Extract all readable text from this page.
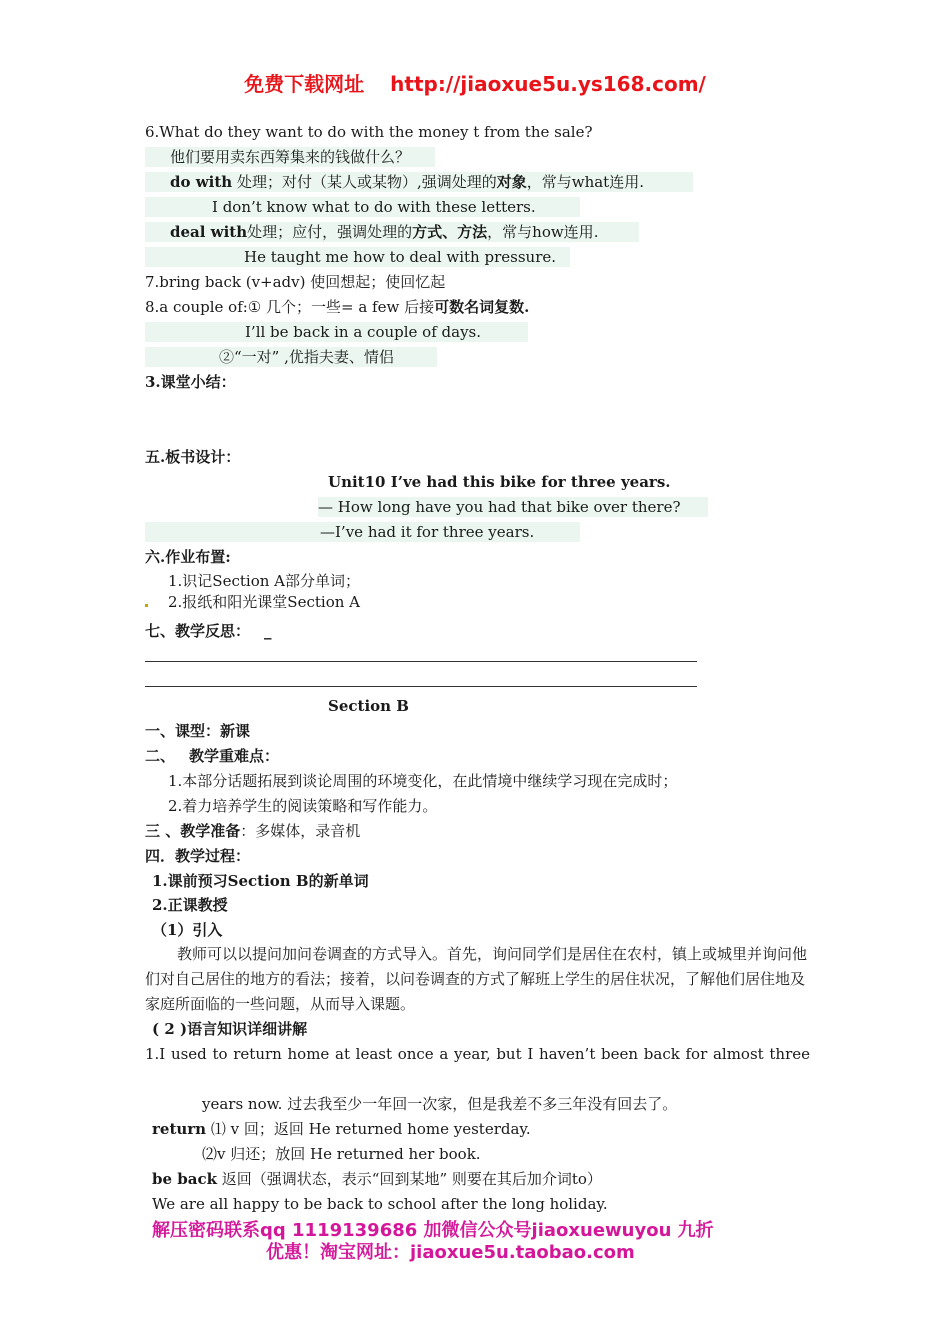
免费下载网址 http://jiaoxue5u.ys168.com/
6.What do they want to do with the money t from the sale?
他们要用卖东西筹集来的钱做什么？
do with 处理；对付（某人或某物）,强调处理的对象，常与what连用.
I don’t know what to do with these letters.
deal with处理；应付，强调处理的方式、方法，常与how连用.
He taught me how to deal with pressure.
7.bring back (v+adv) 使回想起；使回忆起
8.a couple of:① 几个；一些= a few 后接可数名词复数.
I’ll be back in a couple of days.
②“一对” ,优指夫妻、情侣
3.课堂小结：
五.板书设计：
Unit10 I’ve had this bike for three years.
— How long have you had that bike over there?
—I’ve had it for three years.
六.作业布置:
1.识记Section A部分单词；
2.报纸和阳光课堂Section A
七、教学反思： _
Section B
一、课型：新课
二、 教学重难点：
1.本部分话题拓展到谈论周围的环境变化，在此情境中继续学习现在完成时；
2.着力培养学生的阅读策略和写作能力。
三 、教学准备：多媒体，录音机
四．教学过程：
1.课前预习Section B的新单词
2.正课教授
（1）引入
教师可以以提问加问卷调查的方式导入。首先，询问同学们是居住在农村，镇上或城里并询问他们对自己居住的地方的看法；接着，以问卷调查的方式了解班上学生的居住状况，了解他们居住地及家庭所面临的一些问题，从而导入课题。
( 2 )语言知识详细讲解
1.I used to return home at least once a year, but I haven’t been back for almost three
years now. 过去我至少一年回一次家，但是我差不多三年没有回去了。
return ⑴ v 回；返回 He returned home yesterday.
⑵v 归还；放回 He returned her book.
be back 返回（强调状态，表示“回到某地” 则要在其后加介词to）
We are all happy to be back to school after the long holiday.
解压密码联系qq 1119139686 加微信公众号jiaoxuewuyou 九折
优惠！淘宝网址：jiaoxue5u.taobao.com
